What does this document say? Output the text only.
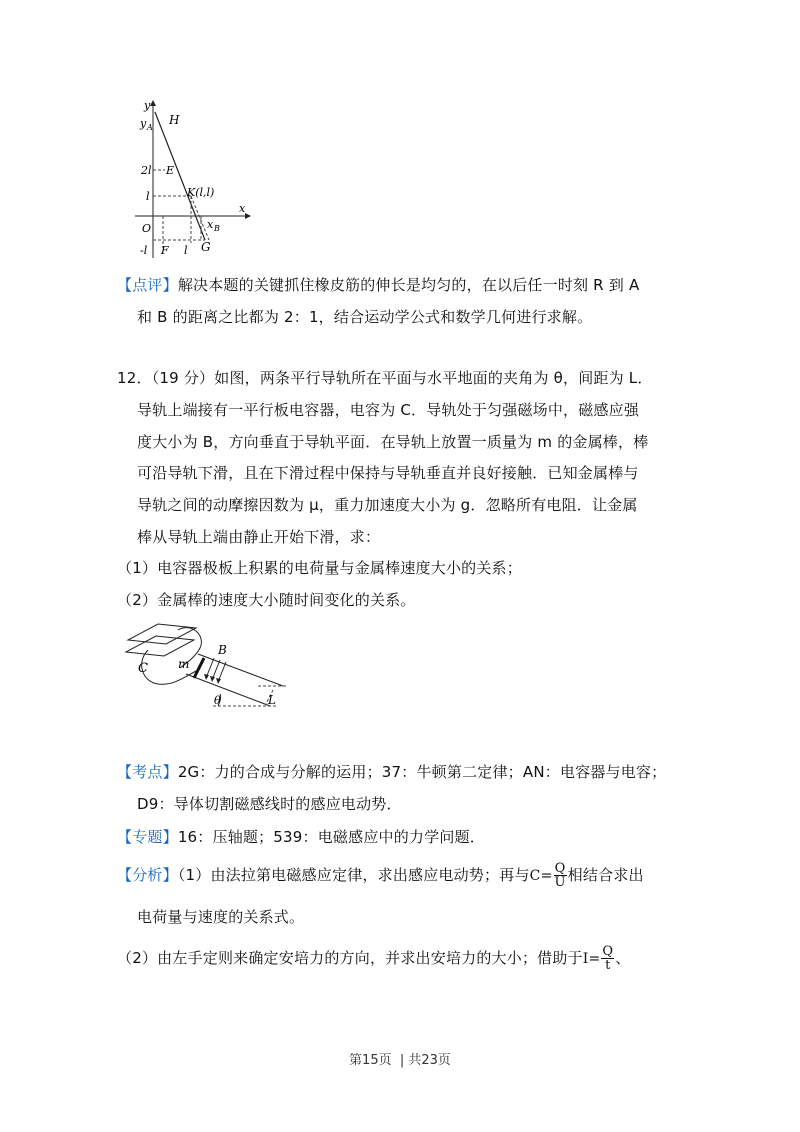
y
y A
H
2l E
l	K(l,l)
x
x B
O
-l F l G
【点评】解决本题的关键抓住橡皮筋的伸长是均匀的，在以后任一时刻 R 到 A
和 B 的距离之比都为 2：1，结合运动学公式和数学几何进行求解。
12．（19 分）如图，两条平行导轨所在平面与水平地面的夹角为 θ，间距为 L．
导轨上端接有一平行板电容器，电容为 C．导轨处于匀强磁场中，磁感应强
度大小为 B，方向垂直于导轨平面．在导轨上放置一质量为 m 的金属棒，棒
可沿导轨下滑，且在下滑过程中保持与导轨垂直并良好接触．已知金属棒与
导轨之间的动摩擦因数为 μ，重力加速度大小为 g．忽略所有电阻．让金属
棒从导轨上端由静止开始下滑，求：
（1）电容器极板上积累的电荷量与金属棒速度大小的关系；
（2）金属棒的速度大小随时间变化的关系。
C	m
B
θ	L
【考点】2G：力的合成与分解的运用；37：牛顿第二定律；AN：电容器与电容；
D9：导体切割磁感线时的感应电动势．
【专题】16：压轴题；539：电磁感应中的力学问题．
【分析】（1）由法拉第电磁感应定律，求出感应电动势；再与$C= \frac{Q}{U}$ 相结合求出
电荷量与速度的关系式。
（2）由左手定则来确定安培力的方向，并求出安培力的大小；借助于$I= \frac{Q}{t}$ 、
第15页 | 共23页
